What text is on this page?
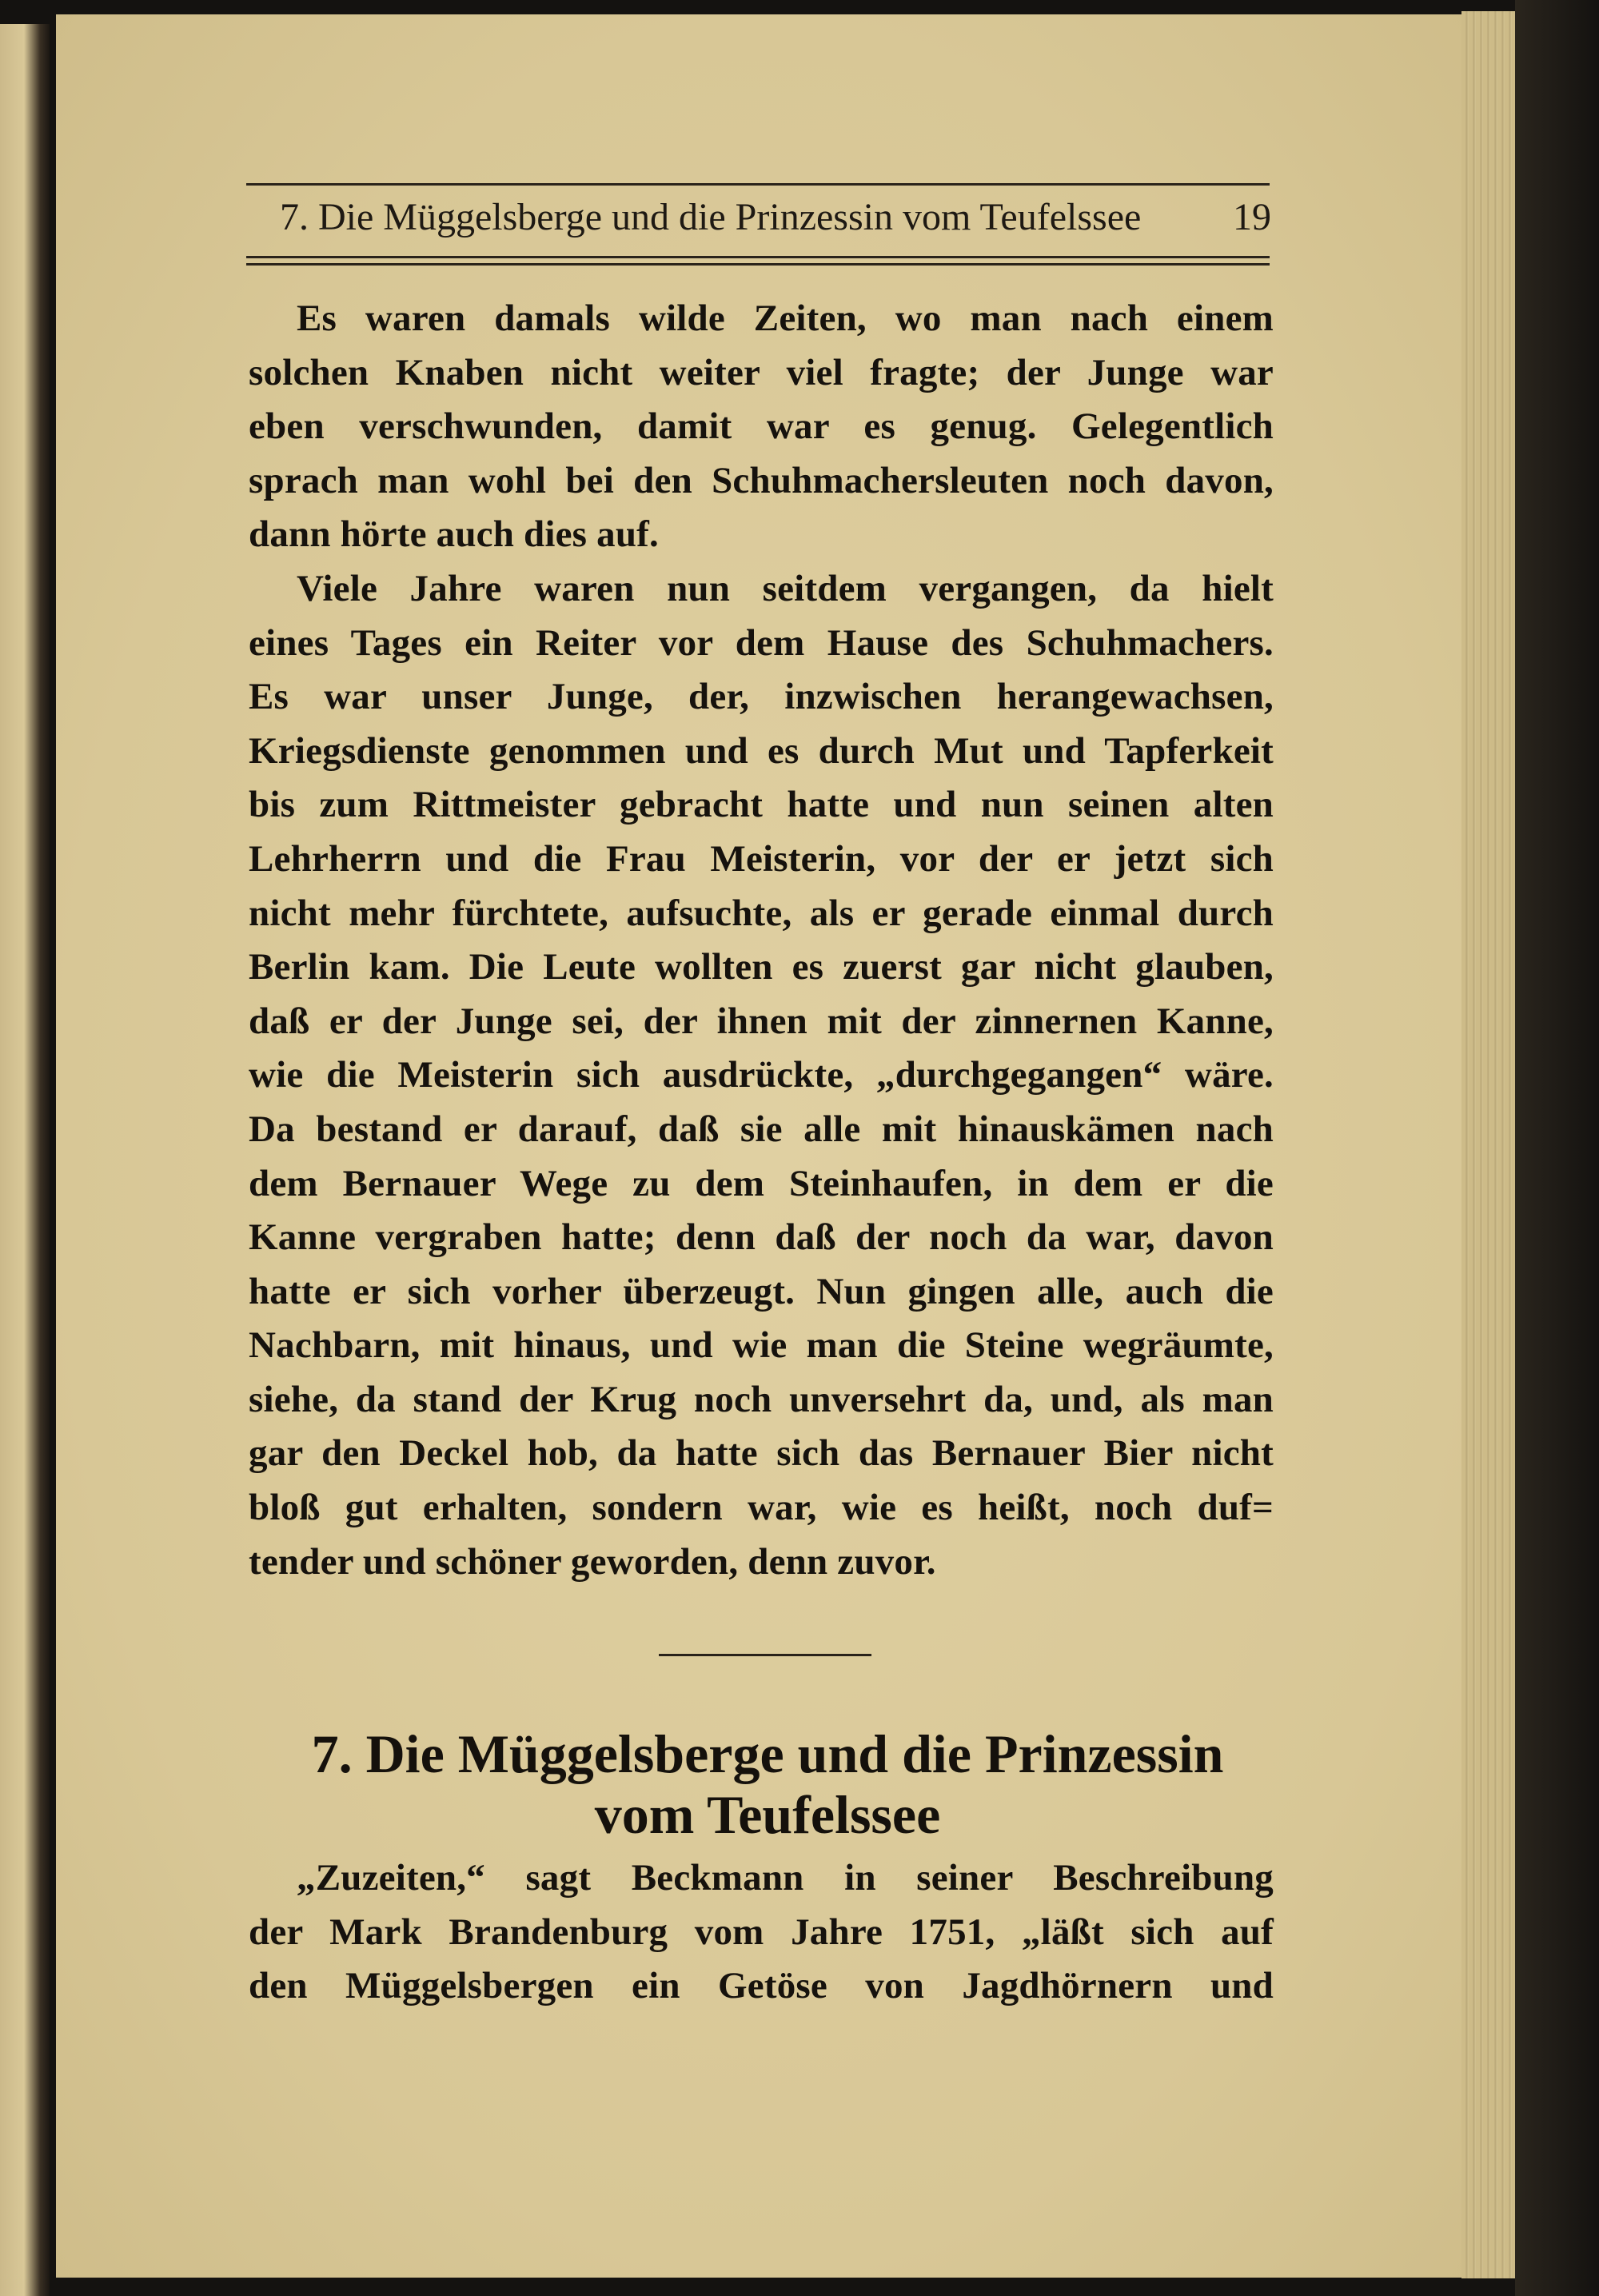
7. Die Müggelsberge und die Prinzessin vom Teufelssee 19
Es waren damals wilde Zeiten, wo man nach einem
solchen Knaben nicht weiter viel fragte; der Junge war
eben verschwunden, damit war es genug. Gelegentlich
sprach man wohl bei den Schuhmachersleuten noch davon,
dann hörte auch dies auf.
Viele Jahre waren nun seitdem vergangen, da hielt
eines Tages ein Reiter vor dem Hause des Schuhmachers.
Es war unser Junge, der, inzwischen herangewachsen,
Kriegsdienste genommen und es durch Mut und Tapferkeit
bis zum Rittmeister gebracht hatte und nun seinen alten
Lehrherrn und die Frau Meisterin, vor der er jetzt sich
nicht mehr fürchtete, aufsuchte, als er gerade einmal durch
Berlin kam. Die Leute wollten es zuerst gar nicht glauben,
daß er der Junge sei, der ihnen mit der zinnernen Kanne,
wie die Meisterin sich ausdrückte, „durchgegangen“ wäre.
Da bestand er darauf, daß sie alle mit hinauskämen nach
dem Bernauer Wege zu dem Steinhaufen, in dem er die
Kanne vergraben hatte; denn daß der noch da war, davon
hatte er sich vorher überzeugt. Nun gingen alle, auch die
Nachbarn, mit hinaus, und wie man die Steine wegräumte,
siehe, da stand der Krug noch unversehrt da, und, als man
gar den Deckel hob, da hatte sich das Bernauer Bier nicht
bloß gut erhalten, sondern war, wie es heißt, noch duf=
tender und schöner geworden, denn zuvor.
7. Die Müggelsberge und die Prinzessin
vom Teufelssee
„Zuzeiten,“ sagt Beckmann in seiner Beschreibung
der Mark Brandenburg vom Jahre 1751, „läßt sich auf
den Müggelsbergen ein Getöse von Jagdhörnern und
